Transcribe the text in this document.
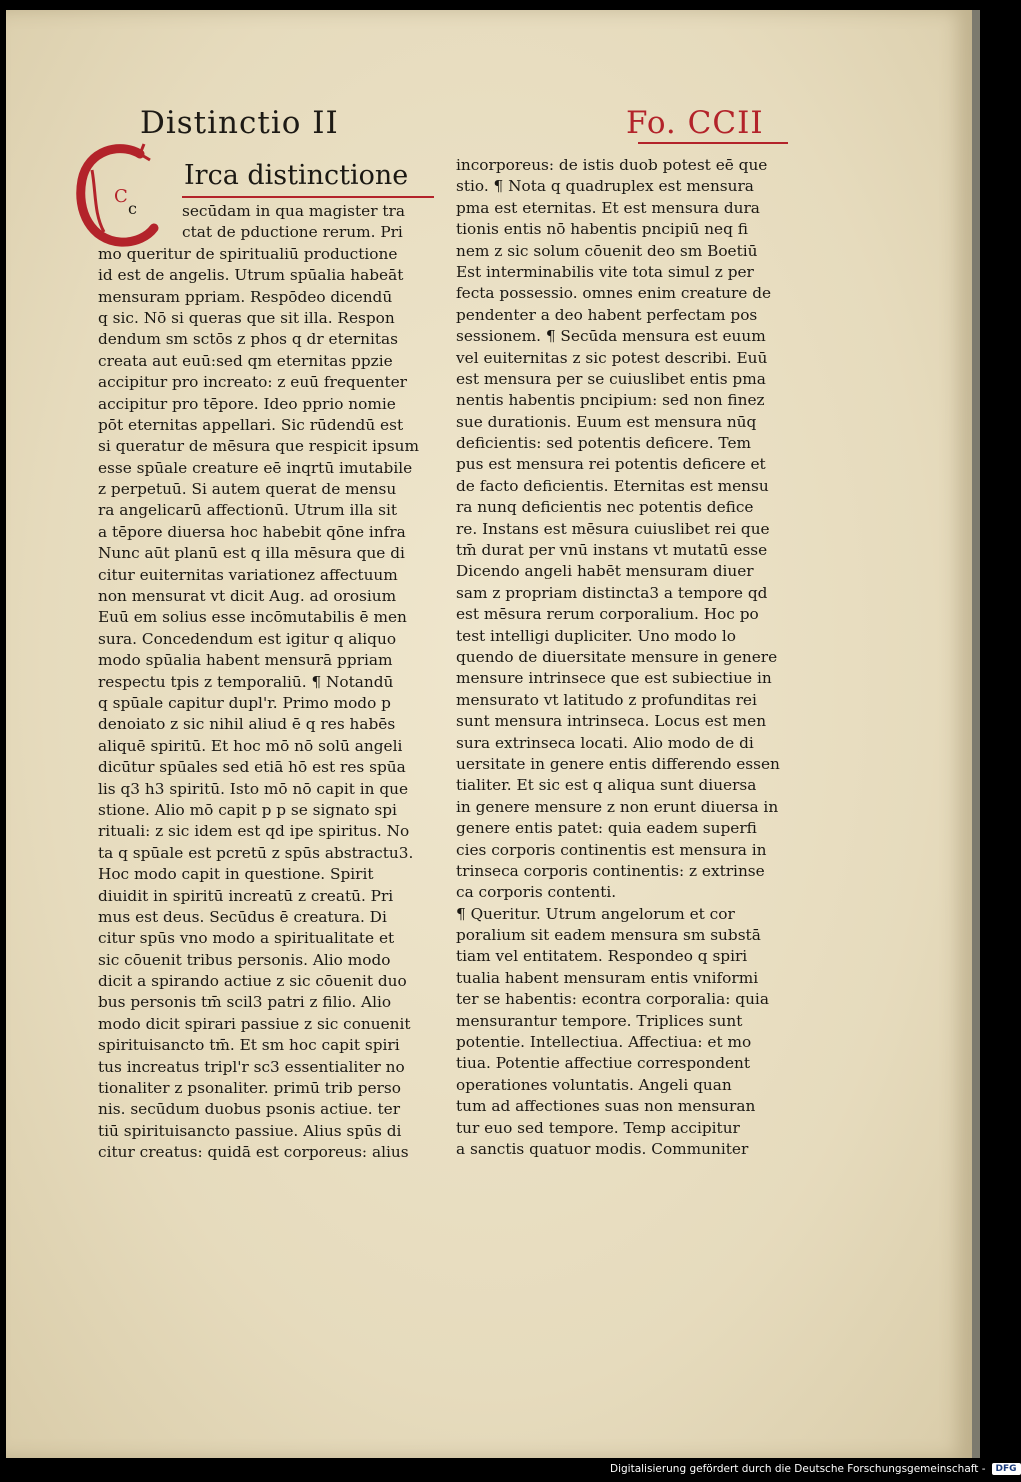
Distinctio II	Fo. CCII
C
c
Irca distinctione
secūdam in qua magister tra
ctat de pductione rerum. Pri
mo queritur de spiritualiū productione
id est de angelis. Utrum spūalia habeāt
mensuram ppriam. Respōdeo dicendū
q sic. Nō si queras que sit illa. Respon
dendum sm sctōs z phos q dr eternitas
creata aut euū:sed qm eternitas ppzie
accipitur pro increato: z euū frequenter
accipitur pro tēpore. Ideo pprio nomie
pōt eternitas appellari. Sic rūdendū est
si queratur de mēsura que respicit ipsum
esse spūale creature eē inqrtū imutabile
z perpetuū. Si autem querat de mensu
ra angelicarū affectionū. Utrum illa sit
a tēpore diuersa hoc habebit qōne infra
Nunc aūt planū est q illa mēsura que di
citur euiternitas variationez affectuum
non mensurat vt dicit Aug. ad orosium
Euū em solius esse incōmutabilis ē men
sura. Concedendum est igitur q aliquo
modo spūalia habent mensurā ppriam
respectu tpis z temporaliū. ¶ Notandū
q spūale capitur dupl'r. Primo modo p
denoiato z sic nihil aliud ē q res habēs
aliquē spiritū. Et hoc mō nō solū angeli
dicūtur spūales sed etiā hō est res spūa
lis q3 h3 spiritū. Isto mō nō capit in que
stione. Alio mō capit p p se signato spi
rituali: z sic idem est qd ipe spiritus. No
ta q spūale est pcretū z spūs abstractu3.
Hoc modo capit in questione. Spirit
diuidit in spiritū increatū z creatū. Pri
mus est deus. Secūdus ē creatura. Di
citur spūs vno modo a spiritualitate et
sic cōuenit tribus personis. Alio modo
dicit a spirando actiue z sic cōuenit duo
bus personis tm̄ scil3 patri z filio. Alio
modo dicit spirari passiue z sic conuenit
spirituisancto tm̄. Et sm hoc capit spiri
tus increatus tripl'r sc3 essentialiter no
tionaliter z psonaliter. primū trib perso
nis. secūdum duobus psonis actiue. ter
tiū spirituisancto passiue. Alius spūs di
citur creatus: quidā est corporeus: alius
incorporeus: de istis duob potest eē que
stio. ¶ Nota q quadruplex est mensura
pma est eternitas. Et est mensura dura
tionis entis nō habentis pncipiū neq fi
nem z sic solum cōuenit deo sm Boetiū
Est interminabilis vite tota simul z per
fecta possessio. omnes enim creature de
pendenter a deo habent perfectam pos
sessionem. ¶ Secūda mensura est euum
vel euiternitas z sic potest describi. Euū
est mensura per se cuiuslibet entis pma
nentis habentis pncipium: sed non finez
sue durationis. Euum est mensura nūq
deficientis: sed potentis deficere. Tem
pus est mensura rei potentis deficere et
de facto deficientis. Eternitas est mensu
ra nunq deficientis nec potentis defice
re. Instans est mēsura cuiuslibet rei que
tm̄ durat per vnū instans vt mutatū esse
Dicendo angeli habēt mensuram diuer
sam z propriam distincta3 a tempore qd
est mēsura rerum corporalium. Hoc po
test intelligi dupliciter. Uno modo lo
quendo de diuersitate mensure in genere
mensure intrinsece que est subiectiue in
mensurato vt latitudo z profunditas rei
sunt mensura intrinseca. Locus est men
sura extrinseca locati. Alio modo de di
uersitate in genere entis differendo essen
tialiter. Et sic est q aliqua sunt diuersa
in genere mensure z non erunt diuersa in
genere entis patet: quia eadem superfi
cies corporis continentis est mensura in
trinseca corporis continentis: z extrinse
ca corporis contenti.
¶ Queritur. Utrum angelorum et cor
poralium sit eadem mensura sm substā
tiam vel entitatem. Respondeo q spiri
tualia habent mensuram entis vniformi
ter se habentis: econtra corporalia: quia
mensurantur tempore. Triplices sunt
potentie. Intellectiua. Affectiua: et mo
tiua. Potentie affectiue correspondent
operationes voluntatis. Angeli quan
tum ad affectiones suas non mensuran
tur euo sed tempore. Temp accipitur
a sanctis quatuor modis. Communiter
Digitalisierung gefördert durch die Deutsche Forschungsgemeinschaft -	DFG
